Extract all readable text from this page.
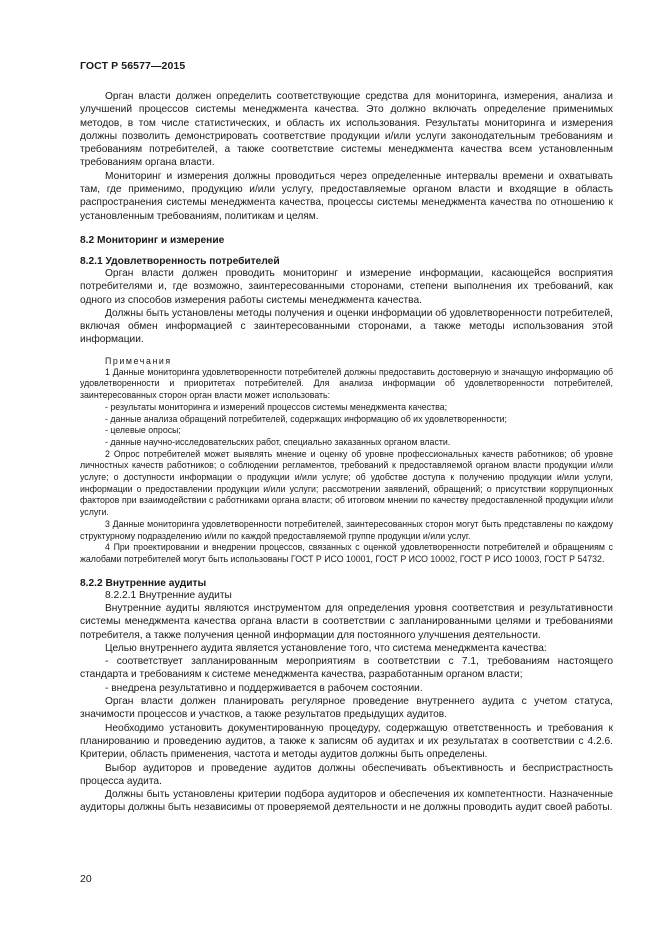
ГОСТ Р 56577—2015

Орган власти должен определить соответствующие средства для мониторинга, измерения, анализа и улучшений процессов системы менеджмента качества. Это должно включать определение применимых методов, в том числе статистических, и область их использования. Результаты мониторинга и измерения должны позволить демонстрировать соответствие продукции и/или услуги законодательным требованиям и требованиям потребителей, а также соответствие системы менеджмента качества всем установленным требованиям органа власти.

Мониторинг и измерения должны проводиться через определенные интервалы времени и охватывать там, где применимо, продукцию и/или услугу, предоставляемые органом власти и входящие в область распространения системы менеджмента качества, процессы системы менеджмента качества по отношению к установленным требованиям, политикам и целям.

8.2 Мониторинг и измерение

8.2.1 Удовлетворенность потребителей

Орган власти должен проводить мониторинг и измерение информации, касающейся восприятия потребителями и, где возможно, заинтересованными сторонами, степени выполнения их требований, как одного из способов измерения работы системы менеджмента качества.

Должны быть установлены методы получения и оценки информации об удовлетворенности потребителей, включая обмен информацией с заинтересованными сторонами, а также методы использования этой информации.

Примечания

1 Данные мониторинга удовлетворенности потребителей должны предоставить достоверную и значащую информацию об удовлетворенности и приоритетах потребителей. Для анализа информации об удовлетворенности потребителей, заинтересованных сторон орган власти может использовать:

- результаты мониторинга и измерений процессов системы менеджмента качества;

- данные анализа обращений потребителей, содержащих информацию об их удовлетворенности;

- целевые опросы;

- данные научно-исследовательских работ, специально заказанных органом власти.

2 Опрос потребителей может выявлять мнение и оценку об уровне профессиональных качеств работников; об уровне личностных качеств работников; о соблюдении регламентов, требований к предоставляемой органом власти продукции и/или услуге; о доступности информации о продукции и/или услуге; об удобстве доступа к получению продукции и/или услуги, информации о предоставлении продукции и/или услуги; рассмотрении заявлений, обращений; о присутствии коррупционных факторов при взаимодействии с работниками органа власти; об итоговом мнении по качеству предоставленной продукции и/или услуги.

3 Данные мониторинга удовлетворенности потребителей, заинтересованных сторон могут быть представлены по каждому структурному подразделению и/или по каждой предоставляемой группе продукции и/или услуг.

4 При проектировании и внедрении процессов, связанных с оценкой удовлетворенности потребителей и обращениям с жалобами потребителей могут быть использованы ГОСТ Р ИСО 10001, ГОСТ Р ИСО 10002, ГОСТ Р ИСО 10003, ГОСТ Р 54732.

8.2.2 Внутренние аудиты

8.2.2.1 Внутренние аудиты

Внутренние аудиты являются инструментом для определения уровня соответствия и результативности системы менеджмента качества органа власти в соответствии с запланированными целями и требованиями потребителя, а также получения ценной информации для постоянного улучшения деятельности.

Целью внутреннего аудита является установление того, что система менеджмента качества:

- соответствует запланированным мероприятиям в соответствии с 7.1, требованиям настоящего стандарта и требованиям к системе менеджмента качества, разработанным органом власти;

- внедрена результативно и поддерживается в рабочем состоянии.

Орган власти должен планировать регулярное проведение внутреннего аудита с учетом статуса, значимости процессов и участков, а также результатов предыдущих аудитов.

Необходимо установить документированную процедуру, содержащую ответственность и требования к планированию и проведению аудитов, а также к записям об аудитах и их результатах в соответствии с 4.2.6. Критерии, область применения, частота и методы аудитов должны быть определены.

Выбор аудиторов и проведение аудитов должны обеспечивать объективность и беспристрастность процесса аудита.

Должны быть установлены критерии подбора аудиторов и обеспечения их компетентности. Назначенные аудиторы должны быть независимы от проверяемой деятельности и не должны проводить аудит своей работы.

20
